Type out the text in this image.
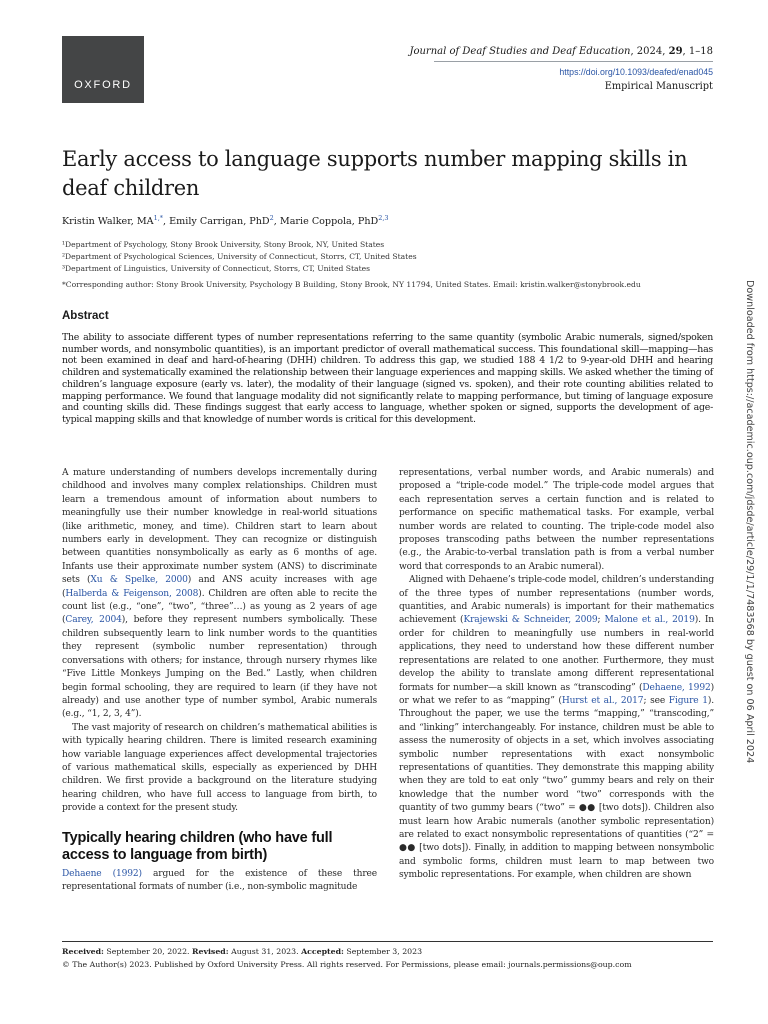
OXFORD
Journal of Deaf Studies and Deaf Education, 2024, 29, 1–18
https://doi.org/10.1093/deafed/enad045
Empirical Manuscript
Early access to language supports number mapping skills in deaf children
Kristin Walker, $MA^{1,*}$, Emily Carrigan, PhD$^2$, Marie Coppola, PhD$^{2,3}$
¹Department of Psychology, Stony Brook University, Stony Brook, NY, United States
²Department of Psychological Sciences, University of Connecticut, Storrs, CT, United States
³Department of Linguistics, University of Connecticut, Storrs, CT, United States
*Corresponding author: Stony Brook University, Psychology B Building, Stony Brook, NY 11794, United States. Email: kristin.walker@stonybrook.edu
Abstract

The ability to associate different types of number representations referring to the same quantity (symbolic Arabic numerals, signed/spoken number words, and nonsymbolic quantities), is an important predictor of overall mathematical success. This foundational skill—mapping—has not been examined in deaf and hard-of-hearing (DHH) children. To address this gap, we studied 188 4 1/2 to 9-year-old DHH and hearing children and systematically examined the relationship between their language experiences and mapping skills. We asked whether the timing of children’s language exposure (early vs. later), the modality of their language (signed vs. spoken), and their rote counting abilities related to mapping performance. We found that language modality did not significantly relate to mapping performance, but timing of language exposure and counting skills did. These findings suggest that early access to language, whether spoken or signed, supports the development of age-typical mapping skills and that knowledge of number words is critical for this development.

A mature understanding of numbers develops incrementally during childhood and involves many complex relationships. Children must learn a tremendous amount of information about numbers to meaningfully use their number knowledge in real-world situations (like arithmetic, money, and time). Children start to learn about numbers early in development. They can recognize or distinguish between quantities nonsymbolically as early as 6 months of age. Infants use their approximate number system (ANS) to discriminate sets (Xu & Spelke, 2000) and ANS acuity increases with age (Halberda & Feigenson, 2008). Children are often able to recite the count list (e.g., “one”, “two”, “three”…) as young as 2 years of age (Carey, 2004), before they represent numbers symbolically. These children subsequently learn to link number words to the quantities they represent (symbolic number representation) through conversations with others; for instance, through nursery rhymes like “Five Little Monkeys Jumping on the Bed.” Lastly, when children begin formal schooling, they are required to learn (if they have not already) and use another type of number symbol, Arabic numerals (e.g., “1, 2, 3, 4”).

The vast majority of research on children’s mathematical abilities is with typically hearing children. There is limited research examining how variable language experiences affect developmental trajectories of various mathematical skills, especially as experienced by DHH children. We first provide a background on the literature studying hearing children, who have full access to language from birth, to provide a context for the present study.

Typically hearing children (who have full access to language from birth)

Dehaene (1992) argued for the existence of these three representational formats of number (i.e., non-symbolic magnitude

representations, verbal number words, and Arabic numerals) and proposed a “triple-code model.” The triple-code model argues that each representation serves a certain function and is related to performance on specific mathematical tasks. For example, verbal number words are related to counting. The triple-code model also proposes transcoding paths between the number representations (e.g., the Arabic-to-verbal translation path is from a verbal number word that corresponds to an Arabic numeral).

Aligned with Dehaene’s triple-code model, children’s understanding of the three types of number representations (number words, quantities, and Arabic numerals) is important for their mathematics achievement (Krajewski & Schneider, 2009; Malone et al., 2019). In order for children to meaningfully use numbers in real-world applications, they need to understand how these different number representations are related to one another. Furthermore, they must develop the ability to translate among different representational formats for number—a skill known as “transcoding” (Dehaene, 1992) or what we refer to as “mapping” (Hurst et al., 2017; see Figure 1). Throughout the paper, we use the terms “mapping,” “transcoding,” and “linking” interchangeably. For instance, children must be able to assess the numerosity of objects in a set, which involves associating symbolic number representations with exact nonsymbolic representations of quantities. They demonstrate this mapping ability when they are told to eat only “two” gummy bears and rely on their knowledge that the number word “two” corresponds with the quantity of two gummy bears (“two” = ●● [two dots]). Children also must learn how Arabic numerals (another symbolic representation) are related to exact nonsymbolic representations of quantities (“2” = ●● [two dots]). Finally, in addition to mapping between nonsymbolic and symbolic forms, children must learn to map between two symbolic representations. For example, when children are shown

Received: September 20, 2022. Revised: August 31, 2023. Accepted: September 3, 2023
© The Author(s) 2023. Published by Oxford University Press. All rights reserved. For Permissions, please email: journals.permissions@oup.com
Downloaded from https://academic.oup.com/jdsde/article/29/1/1/7483568 by guest on 06 April 2024
